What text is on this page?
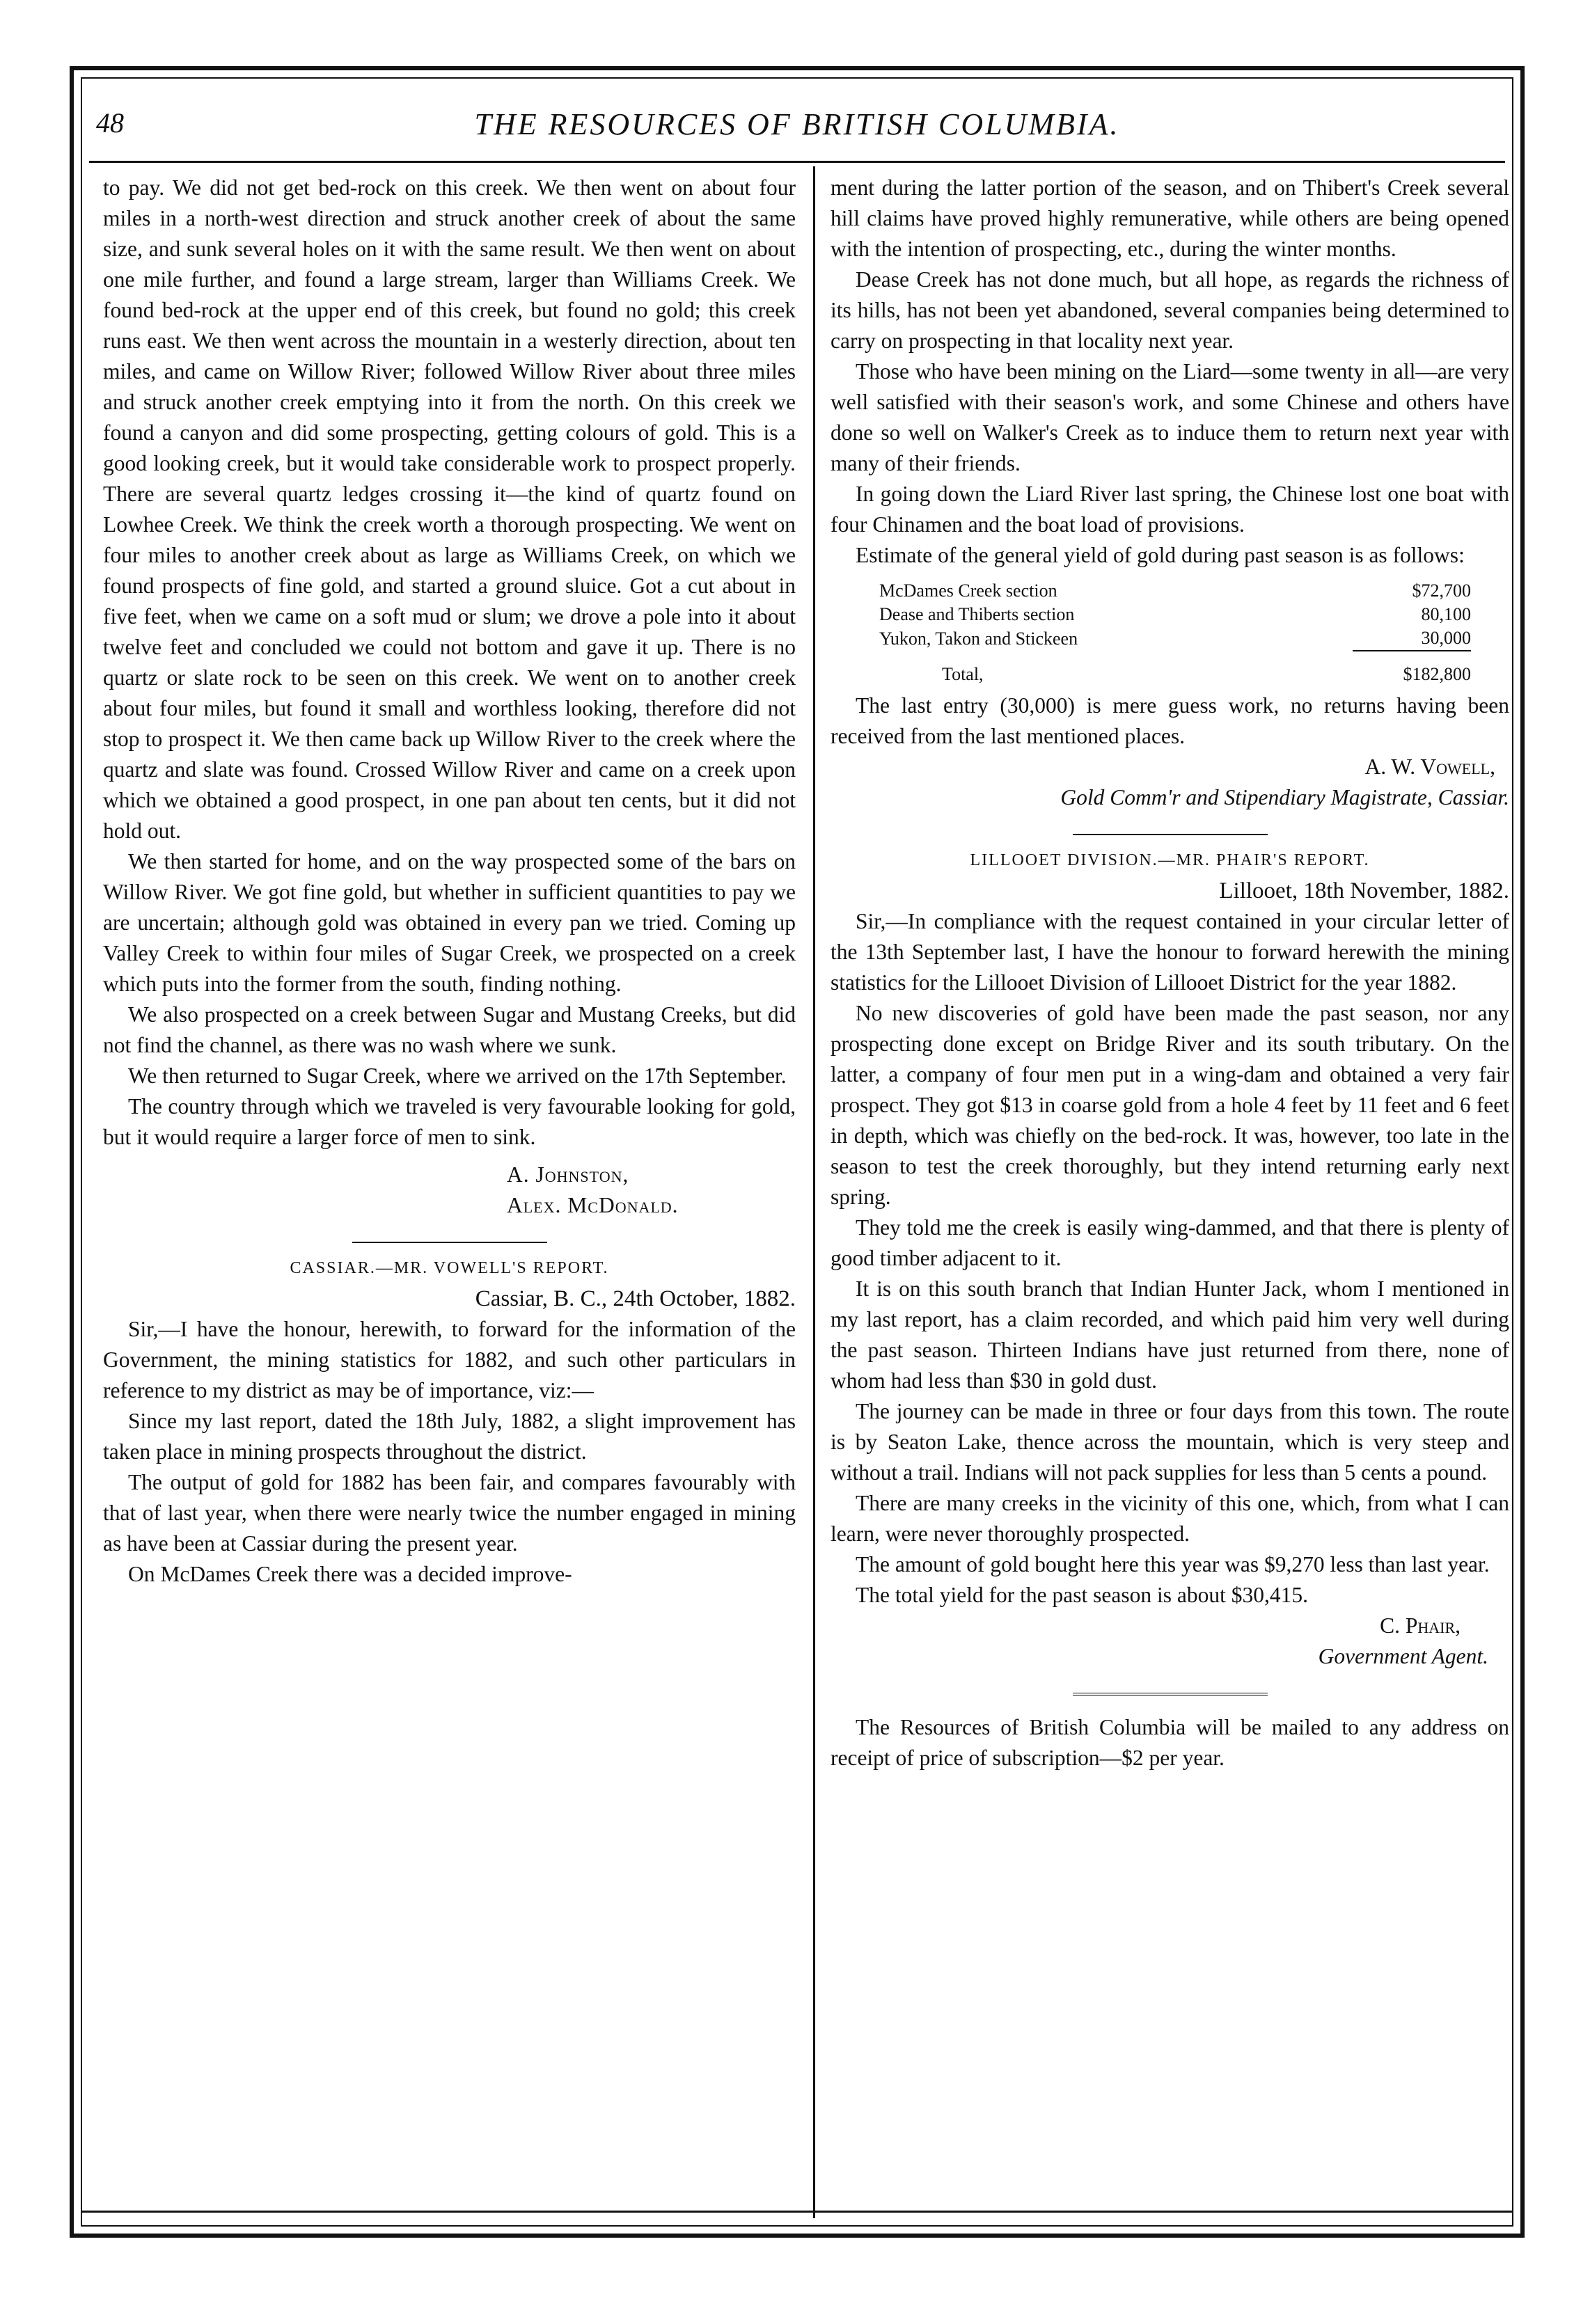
48	THE RESOURCES OF BRITISH COLUMBIA.

to pay. We did not get bed-rock on this creek. We then went on about four miles in a north-west direction and struck another creek of about the same size, and sunk several holes on it with the same result. We then went on about one mile further, and found a large stream, larger than Williams Creek. We found bed-rock at the upper end of this creek, but found no gold; this creek runs east. We then went across the mountain in a westerly direction, about ten miles, and came on Willow River; followed Willow River about three miles and struck another creek emptying into it from the north. On this creek we found a canyon and did some prospecting, getting colours of gold. This is a good looking creek, but it would take considerable work to prospect properly. There are several quartz ledges crossing it—the kind of quartz found on Lowhee Creek. We think the creek worth a thorough prospecting. We went on four miles to another creek about as large as Williams Creek, on which we found prospects of fine gold, and started a ground sluice. Got a cut about in five feet, when we came on a soft mud or slum; we drove a pole into it about twelve feet and concluded we could not bottom and gave it up. There is no quartz or slate rock to be seen on this creek. We went on to another creek about four miles, but found it small and worthless looking, therefore did not stop to prospect it. We then came back up Willow River to the creek where the quartz and slate was found. Crossed Willow River and came on a creek upon which we obtained a good prospect, in one pan about ten cents, but it did not hold out.

We then started for home, and on the way prospected some of the bars on Willow River. We got fine gold, but whether in sufficient quantities to pay we are uncertain; although gold was obtained in every pan we tried. Coming up Valley Creek to within four miles of Sugar Creek, we prospected on a creek which puts into the former from the south, finding nothing.

We also prospected on a creek between Sugar and Mustang Creeks, but did not find the channel, as there was no wash where we sunk.

We then returned to Sugar Creek, where we arrived on the 17th September.

The country through which we traveled is very favourable looking for gold, but it would require a larger force of men to sink.

A. Johnston,
Alex. McDonald.
CASSIAR.—MR. VOWELL'S REPORT.

Cassiar, B. C., 24th October, 1882.

Sir,—I have the honour, herewith, to forward for the information of the Government, the mining statistics for 1882, and such other particulars in reference to my district as may be of importance, viz:—

Since my last report, dated the 18th July, 1882, a slight improvement has taken place in mining prospects throughout the district.

The output of gold for 1882 has been fair, and compares favourably with that of last year, when there were nearly twice the number engaged in mining as have been at Cassiar during the present year.

On McDames Creek there was a decided improve-

ment during the latter portion of the season, and on Thibert's Creek several hill claims have proved highly remunerative, while others are being opened with the intention of prospecting, etc., during the winter months.

Dease Creek has not done much, but all hope, as regards the richness of its hills, has not been yet abandoned, several companies being determined to carry on prospecting in that locality next year.

Those who have been mining on the Liard—some twenty in all—are very well satisfied with their season's work, and some Chinese and others have done so well on Walker's Creek as to induce them to return next year with many of their friends.

In going down the Liard River last spring, the Chinese lost one boat with four Chinamen and the boat load of provisions.

Estimate of the general yield of gold during past season is as follows:

McDames Creek section	$72,700
Dease and Thiberts section	80,100
Yukon, Takon and Stickeen	30,000
Total,	$182,800

The last entry (30,000) is mere guess work, no returns having been received from the last mentioned places.

A. W. Vowell,

Gold Comm'r and Stipendiary Magistrate, Cassiar.

LILLOOET DIVISION.—MR. PHAIR'S REPORT.

Lillooet, 18th November, 1882.

Sir,—In compliance with the request contained in your circular letter of the 13th September last, I have the honour to forward herewith the mining statistics for the Lillooet Division of Lillooet District for the year 1882.

No new discoveries of gold have been made the past season, nor any prospecting done except on Bridge River and its south tributary. On the latter, a company of four men put in a wing-dam and obtained a very fair prospect. They got $13 in coarse gold from a hole 4 feet by 11 feet and 6 feet in depth, which was chiefly on the bed-rock. It was, however, too late in the season to test the creek thoroughly, but they intend returning early next spring.

They told me the creek is easily wing-dammed, and that there is plenty of good timber adjacent to it.

It is on this south branch that Indian Hunter Jack, whom I mentioned in my last report, has a claim recorded, and which paid him very well during the past season. Thirteen Indians have just returned from there, none of whom had less than $30 in gold dust.

The journey can be made in three or four days from this town. The route is by Seaton Lake, thence across the mountain, which is very steep and without a trail. Indians will not pack supplies for less than 5 cents a pound.

There are many creeks in the vicinity of this one, which, from what I can learn, were never thoroughly prospected.

The amount of gold bought here this year was $9,270 less than last year.

The total yield for the past season is about $30,415.

C. Phair,

Government Agent.

The Resources of British Columbia will be mailed to any address on receipt of price of subscription—$2 per year.
